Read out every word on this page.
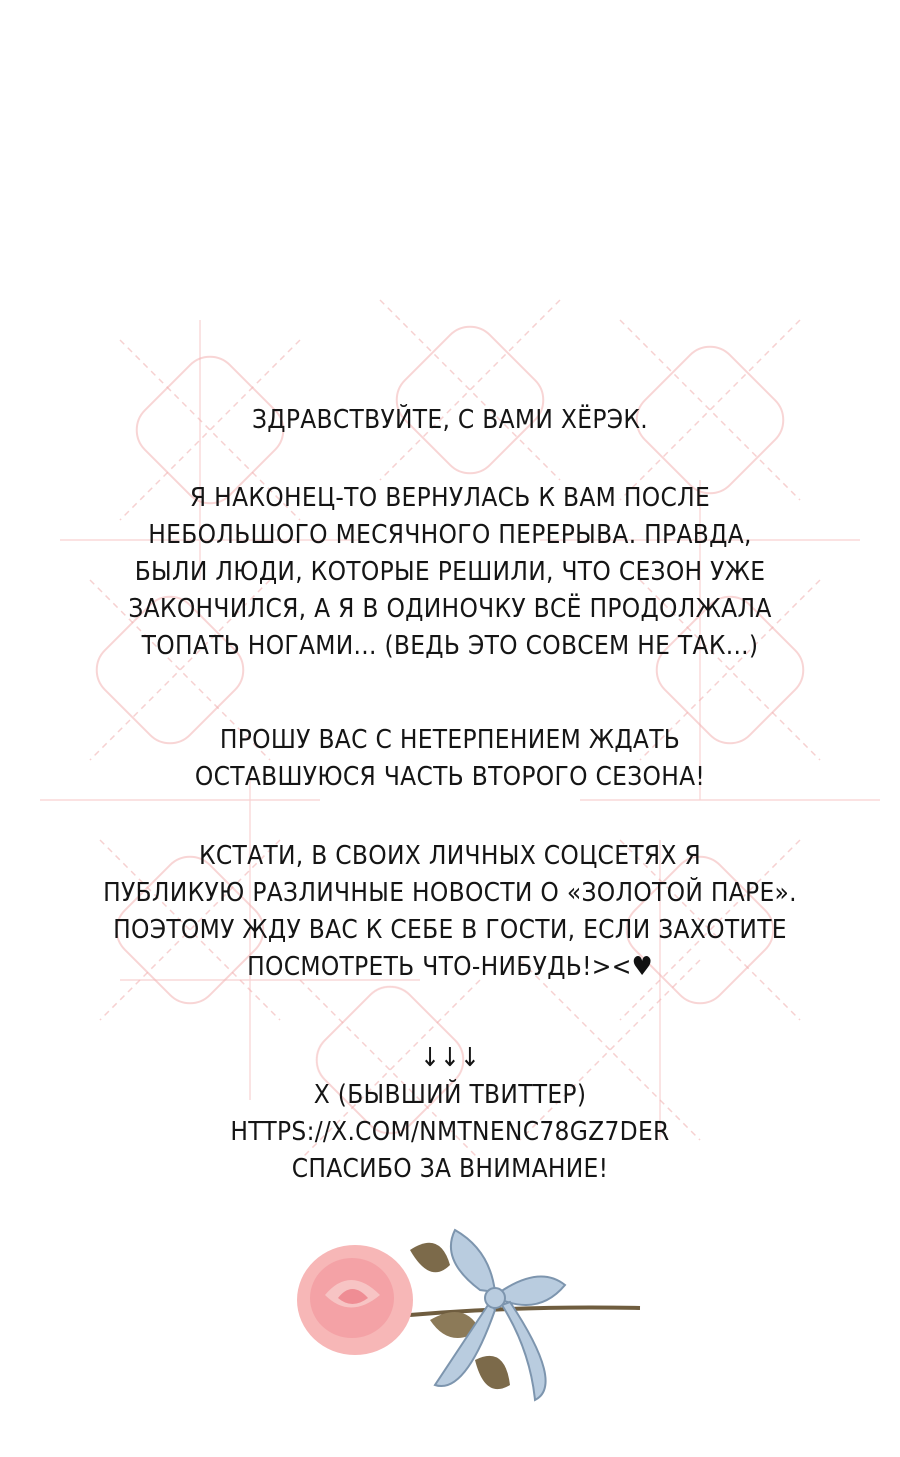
ЗДРАВСТВУЙТЕ, С ВАМИ ХЁРЭК.

Я НАКОНЕЦ-ТО ВЕРНУЛАСЬ К ВАМ ПОСЛЕ
НЕБОЛЬШОГО МЕСЯЧНОГО ПЕРЕРЫВА. ПРАВДА,
БЫЛИ ЛЮДИ, КОТОРЫЕ РЕШИЛИ, ЧТО СЕЗОН УЖЕ
ЗАКОНЧИЛСЯ, А Я В ОДИНОЧКУ ВСЁ ПРОДОЛЖАЛА
ТОПАТЬ НОГАМИ... (ВЕДЬ ЭТО СОВСЕМ НЕ ТАК...)

ПРОШУ ВАС С НЕТЕРПЕНИЕМ ЖДАТЬ
ОСТАВШУЮСЯ ЧАСТЬ ВТОРОГО СЕЗОНА!

КСТАТИ, В СВОИХ ЛИЧНЫХ СОЦСЕТЯХ Я
ПУБЛИКУЮ РАЗЛИЧНЫЕ НОВОСТИ О «ЗОЛОТОЙ ПАРЕ».
ПОЭТОМУ ЖДУ ВАС К СЕБЕ В ГОСТИ, ЕСЛИ ЗАХОТИТЕ
ПОСМОТРЕТЬ ЧТО-НИБУДЬ!><♥

↓↓↓
X (БЫВШИЙ ТВИТТЕР)
HTTPS://X.COM/NMTNENC78GZ7DER
СПАСИБО ЗА ВНИМАНИЕ!
